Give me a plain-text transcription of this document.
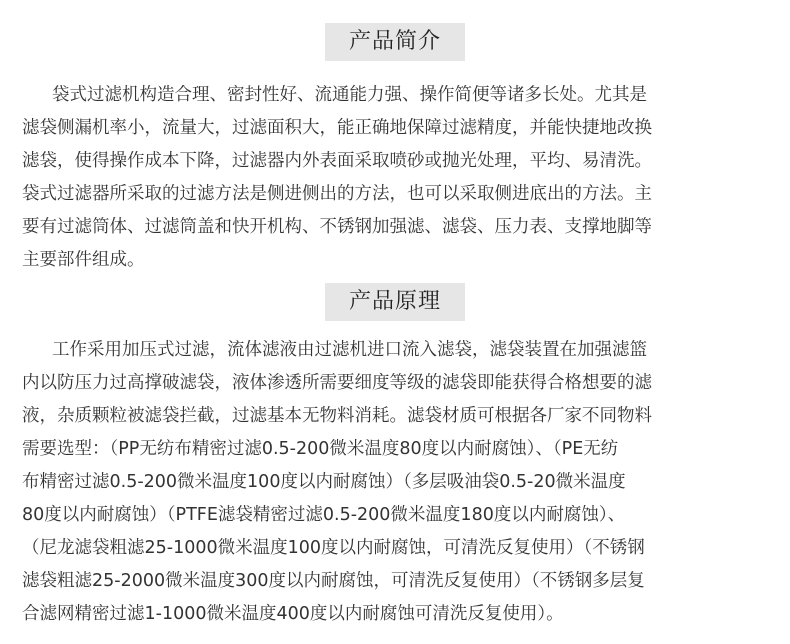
产品简介
袋式过滤机构造合理、密封性好、流通能力强、操作简便等诸多长处。尤其是
滤袋侧漏机率小，流量大，过滤面积大，能正确地保障过滤精度，并能快捷地改换
滤袋，使得操作成本下降，过滤器内外表面采取喷砂或抛光处理，平均、易清洗。
袋式过滤器所采取的过滤方法是侧进侧出的方法，也可以采取侧进底出的方法。主
要有过滤筒体、过滤筒盖和快开机构、不锈钢加强滤、滤袋、压力表、支撑地脚等
主要部件组成。
产品原理
工作采用加压式过滤，流体滤液由过滤机进口流入滤袋，滤袋装置在加强滤篮
内以防压力过高撑破滤袋，液体渗透所需要细度等级的滤袋即能获得合格想要的滤
液，杂质颗粒被滤袋拦截，过滤基本无物料消耗。滤袋材质可根据各厂家不同物料
需要选型：（PP无纺布精密过滤0.5-200微米温度80度以内耐腐蚀）、（PE无纺
布精密过滤0.5-200微米温度100度以内耐腐蚀）（多层吸油袋0.5-20微米温度
80度以内耐腐蚀）（PTFE滤袋精密过滤0.5-200微米温度180度以内耐腐蚀）、
（尼龙滤袋粗滤25-1000微米温度100度以内耐腐蚀，可清洗反复使用）（不锈钢
滤袋粗滤25-2000微米温度300度以内耐腐蚀，可清洗反复使用）（不锈钢多层复
合滤网精密过滤1-1000微米温度400度以内耐腐蚀可清洗反复使用）。
